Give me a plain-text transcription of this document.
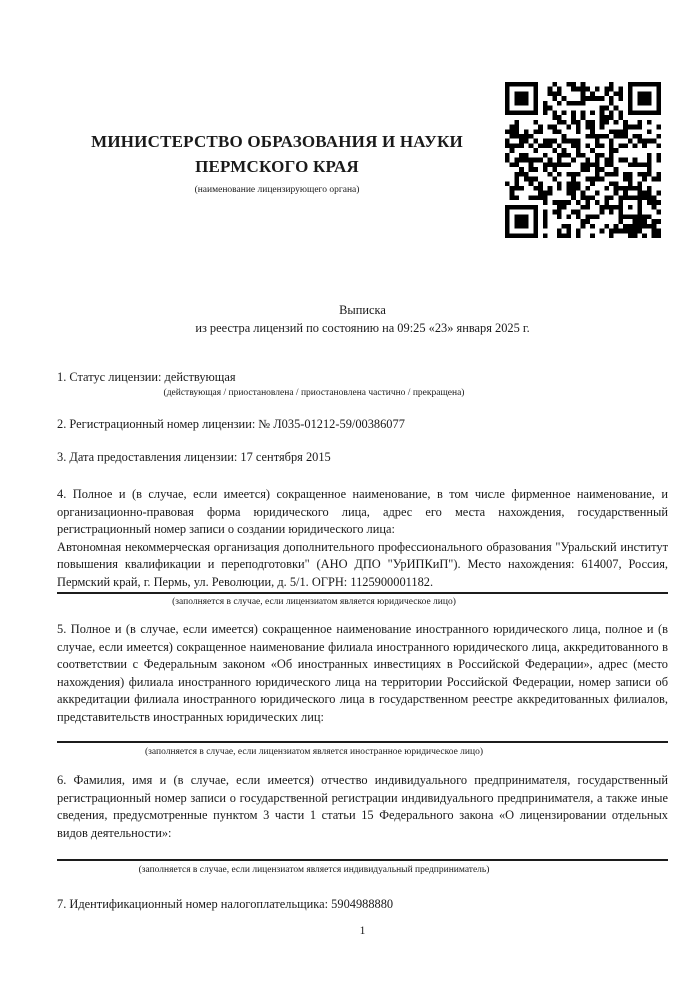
МИНИСТЕРСТВО ОБРАЗОВАНИЯ И НАУКИ ПЕРМСКОГО КРАЯ
(наименование лицензирующего органа)
Выписка
из реестра лицензий по состоянию на 09:25 «23» января 2025 г.
1. Статус лицензии: действующая
(действующая / приостановлена / приостановлена частично / прекращена)
2. Регистрационный номер лицензии: № Л035-01212-59/00386077
3. Дата предоставления лицензии: 17 сентября 2015

4. Полное и (в случае, если имеется) сокращенное наименование, в том числе фирменное наименование, и организационно-правовая форма юридического лица, адрес его места нахождения, государственный регистрационный номер записи о создании юридического лица:

Автономная некоммерческая организация дополнительного профессионального образования "Уральский институт повышения квалификации и переподготовки" (АНО ДПО "УрИПКиП"). Место нахождения: 614007, Россия, Пермский край, г. Пермь, ул. Революции, д. 5/1. ОГРН: 1125900001182.

(заполняется в случае, если лицензиатом является юридическое лицо)
5. Полное и (в случае, если имеется) сокращенное наименование иностранного юридического лица, полное и (в случае, если имеется) сокращенное наименование филиала иностранного юридического лица, аккредитованного в соответствии с Федеральным законом «Об иностранных инвестициях в Российской Федерации», адрес (место нахождения) филиала иностранного юридического лица на территории Российской Федерации, номер записи об аккредитации филиала иностранного юридического лица в государственном реестре аккредитованных филиалов, представительств иностранных юридических лиц:
(заполняется в случае, если лицензиатом является иностранное юридическое лицо)
6. Фамилия, имя и (в случае, если имеется) отчество индивидуального предпринимателя, государственный регистрационный номер записи о государственной регистрации индивидуального предпринимателя, а также иные сведения, предусмотренные пунктом 3 части 1 статьи 15 Федерального закона «О лицензировании отдельных видов деятельности»:
(заполняется в случае, если лицензиатом является индивидуальный предприниматель)
7. Идентификационный номер налогоплательщика: 5904988880
1
